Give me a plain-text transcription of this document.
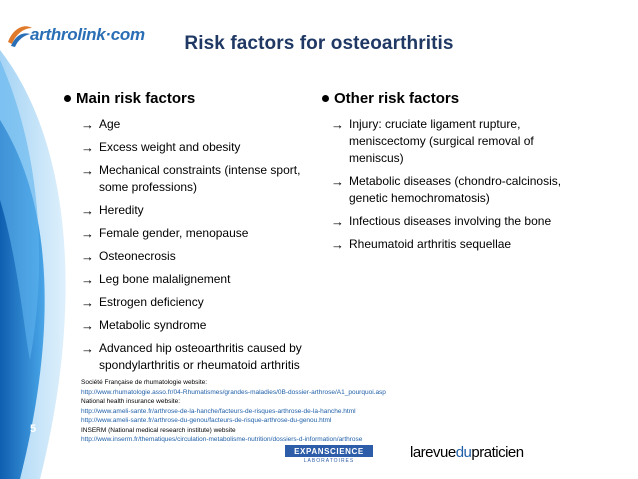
arthrolink·com	Risk factors for osteoarthritis
Main risk factors
→ Age
→ Excess weight and obesity
→ Mechanical constraints (intense sport, some professions)
→ Heredity
→ Female gender, menopause
→ Osteonecrosis
→ Leg bone malalignement
→ Estrogen deficiency
→ Metabolic syndrome
→ Advanced hip osteoarthritis caused by spondylarthritis or rheumatoid arthritis
Other risk factors
→ Injury: cruciate ligament rupture, meniscectomy (surgical removal of meniscus)
→ Metabolic diseases (chondro-calcinosis, genetic hemochromatosis)
→ Infectious diseases involving the bone
→ Rheumatoid arthritis sequellae
Société Française de rhumatologie website:
http://www.rhumatologie.asso.fr/04-Rhumatismes/grandes-maladies/0B-dossier-arthrose/A1_pourquoi.asp
National health insurance website:
http://www.ameli-sante.fr/arthrose-de-la-hanche/facteurs-de-risques-arthrose-de-la-hanche.html
http://www.ameli-sante.fr/arthrose-du-genou/facteurs-de-risque-arthrose-du-genou.html
INSERM (National medical research institute) website
http://www.inserm.fr/thematiques/circulation-metabolisme-nutrition/dossiers-d-information/arthrose
5
EXPANSCIENCE
LABORATOIRES	larevuedupraticien
